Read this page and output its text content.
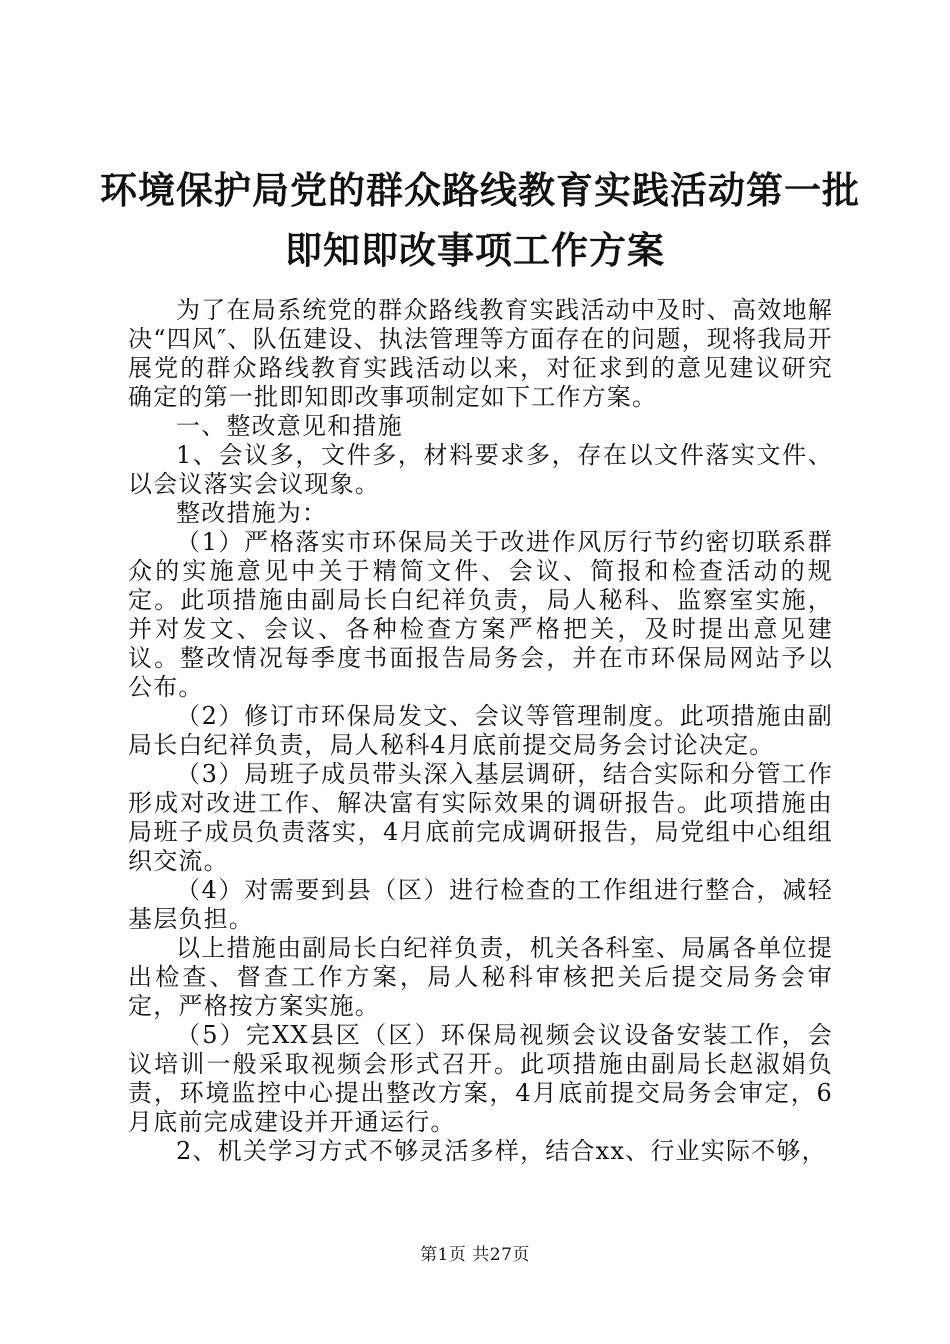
环境保护局党的群众路线教育实践活动第一批
即知即改事项工作方案

为了在局系统党的群众路线教育实践活动中及时、高效地解决“四风″、队伍建设、执法管理等方面存在的问题，现将我局开展党的群众路线教育实践活动以来，对征求到的意见建议研究确定的第一批即知即改事项制定如下工作方案。

一、整改意见和措施

1、会议多，文件多，材料要求多，存在以文件落实文件、以会议落实会议现象。

整改措施为：

（1）严格落实市环保局关于改进作风厉行节约密切联系群众的实施意见中关于精简文件、会议、简报和检查活动的规定。此项措施由副局长白纪祥负责，局人秘科、监察室实施，并对发文、会议、各种检查方案严格把关，及时提出意见建议。整改情况每季度书面报告局务会，并在市环保局网站予以公布。

（2）修订市环保局发文、会议等管理制度。此项措施由副局长白纪祥负责，局人秘科4月底前提交局务会讨论决定。

（3）局班子成员带头深入基层调研，结合实际和分管工作形成对改进工作、解决富有实际效果的调研报告。此项措施由局班子成员负责落实，4月底前完成调研报告，局党组中心组组织交流。

（4）对需要到县（区）进行检查的工作组进行整合，减轻基层负担。

以上措施由副局长白纪祥负责，机关各科室、局属各单位提出检查、督查工作方案，局人秘科审核把关后提交局务会审定，严格按方案实施。

（5）完XX县区（区）环保局视频会议设备安装工作，会议培训一般采取视频会形式召开。此项措施由副局长赵淑娟负责，环境监控中心提出整改方案，4月底前提交局务会审定，6月底前完成建设并开通运行。

2、机关学习方式不够灵活多样，结合xx、行业实际不够，

第1页 共27页
